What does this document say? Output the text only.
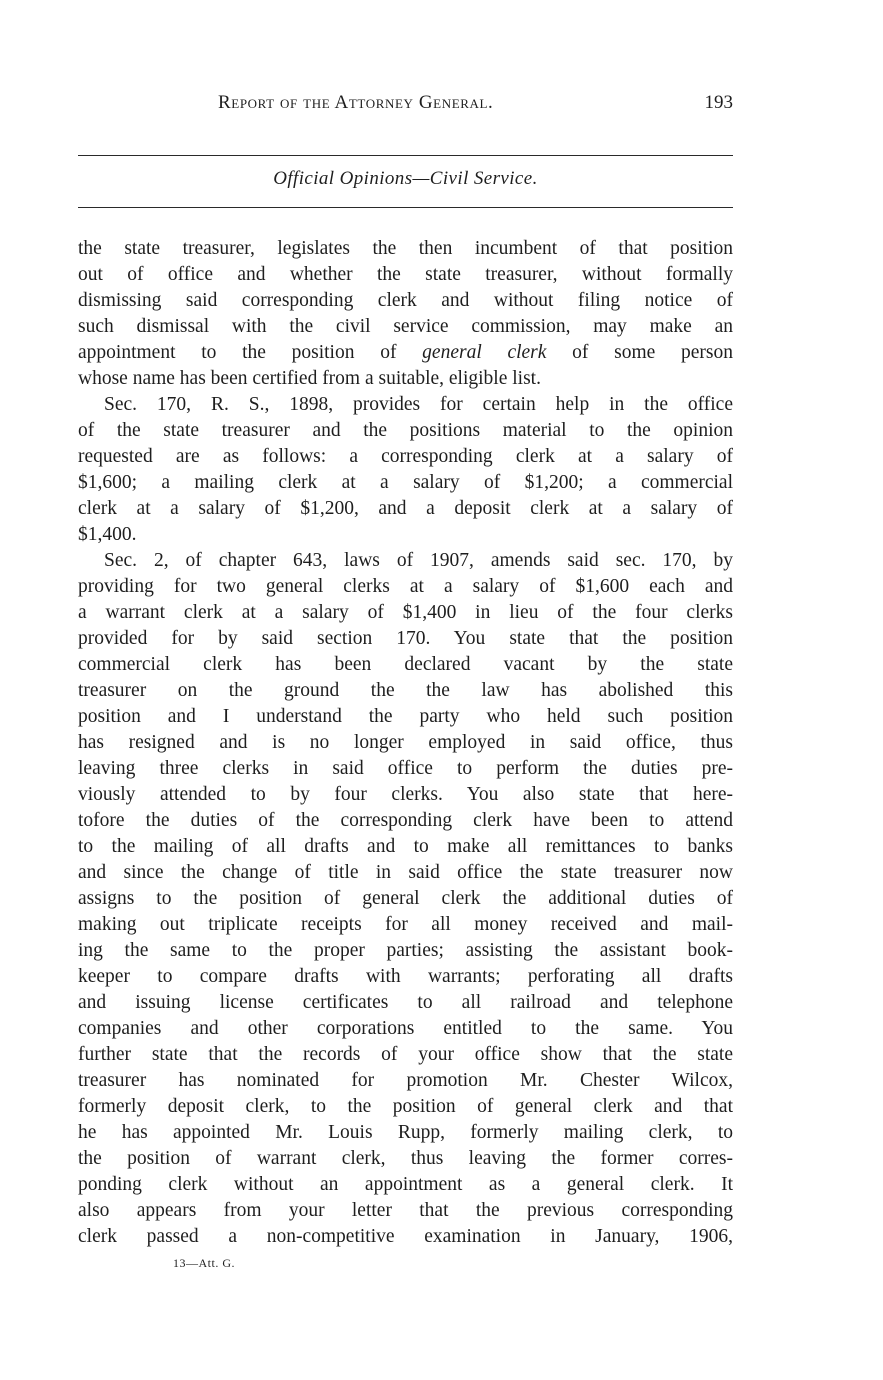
Report of the Attorney General.	193
Official Opinions—Civil Service.
the state treasurer, legislates the then incumbent of that position
out of office and whether the state treasurer, without formally
dismissing said corresponding clerk and without filing notice of
such dismissal with the civil service commission, may make an
appointment to the position of general clerk of some person
whose name has been certified from a suitable, eligible list.
Sec. 170, R. S., 1898, provides for certain help in the office
of the state treasurer and the positions material to the opinion
requested are as follows: a corresponding clerk at a salary of
$1,600; a mailing clerk at a salary of $1,200; a commercial
clerk at a salary of $1,200, and a deposit clerk at a salary of
$1,400.
Sec. 2, of chapter 643, laws of 1907, amends said sec. 170, by
providing for two general clerks at a salary of $1,600 each and
a warrant clerk at a salary of $1,400 in lieu of the four clerks
provided for by said section 170. You state that the position
commercial clerk has been declared vacant by the state
treasurer on the ground the the law has abolished this
position and I understand the party who held such position
has resigned and is no longer employed in said office, thus
leaving three clerks in said office to perform the duties pre-
viously attended to by four clerks. You also state that here-
tofore the duties of the corresponding clerk have been to attend
to the mailing of all drafts and to make all remittances to banks
and since the change of title in said office the state treasurer now
assigns to the position of general clerk the additional duties of
making out triplicate receipts for all money received and mail-
ing the same to the proper parties; assisting the assistant book-
keeper to compare drafts with warrants; perforating all drafts
and issuing license certificates to all railroad and telephone
companies and other corporations entitled to the same. You
further state that the records of your office show that the state
treasurer has nominated for promotion Mr. Chester Wilcox,
formerly deposit clerk, to the position of general clerk and that
he has appointed Mr. Louis Rupp, formerly mailing clerk, to
the position of warrant clerk, thus leaving the former corres-
ponding clerk without an appointment as a general clerk. It
also appears from your letter that the previous corresponding
clerk passed a non-competitive examination in January, 1906,
13—Att. G.
